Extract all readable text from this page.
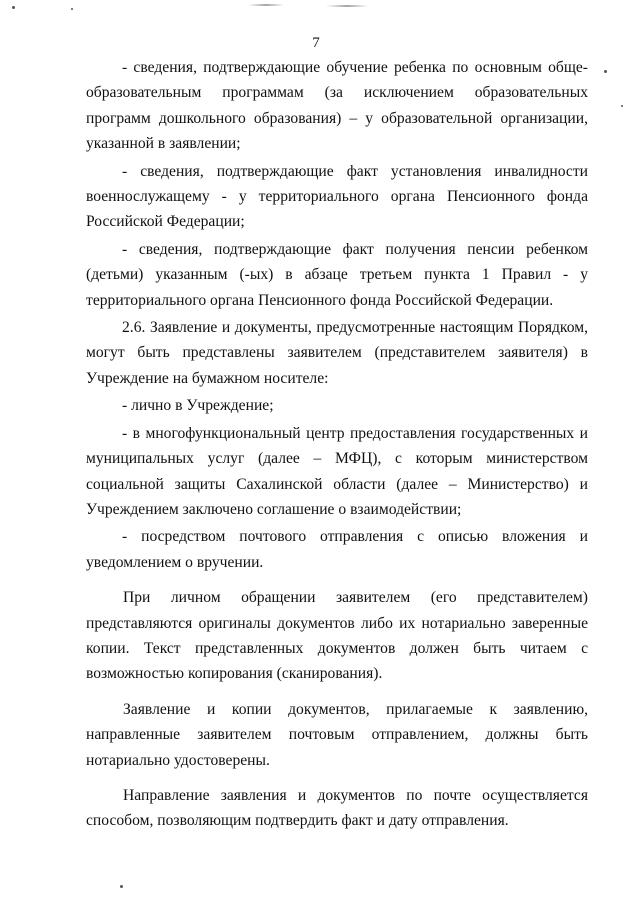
7

- сведения, подтверждающие обучение ребенка по основным обще-образовательным программам (за исключением образовательных программ дошкольного образования) – у образовательной организации, указанной в заявлении;

- сведения, подтверждающие факт установления инвалидности военнослужащему - у территориального органа Пенсионного фонда Российской Федерации;

- сведения, подтверждающие факт получения пенсии ребенком (детьми) указанным (-ых) в абзаце третьем пункта 1 Правил - у территориального органа Пенсионного фонда Российской Федерации.

2.6. Заявление и документы, предусмотренные настоящим Порядком, могут быть представлены заявителем (представителем заявителя) в Учреждение на бумажном носителе:

- лично в Учреждение;

- в многофункциональный центр предоставления государственных и муниципальных услуг (далее – МФЦ), с которым министерством социальной защиты Сахалинской области (далее – Министерство) и Учреждением заключено соглашение о взаимодействии;

- посредством почтового отправления с описью вложения и уведомлением о вручении.

При личном обращении заявителем (его представителем) представляются оригиналы документов либо их нотариально заверенные копии. Текст представленных документов должен быть читаем с возможностью копирования (сканирования).

Заявление и копии документов, прилагаемые к заявлению, направленные заявителем почтовым отправлением, должны быть нотариально удостоверены.

Направление заявления и документов по почте осуществляется способом, позволяющим подтвердить факт и дату отправления.
